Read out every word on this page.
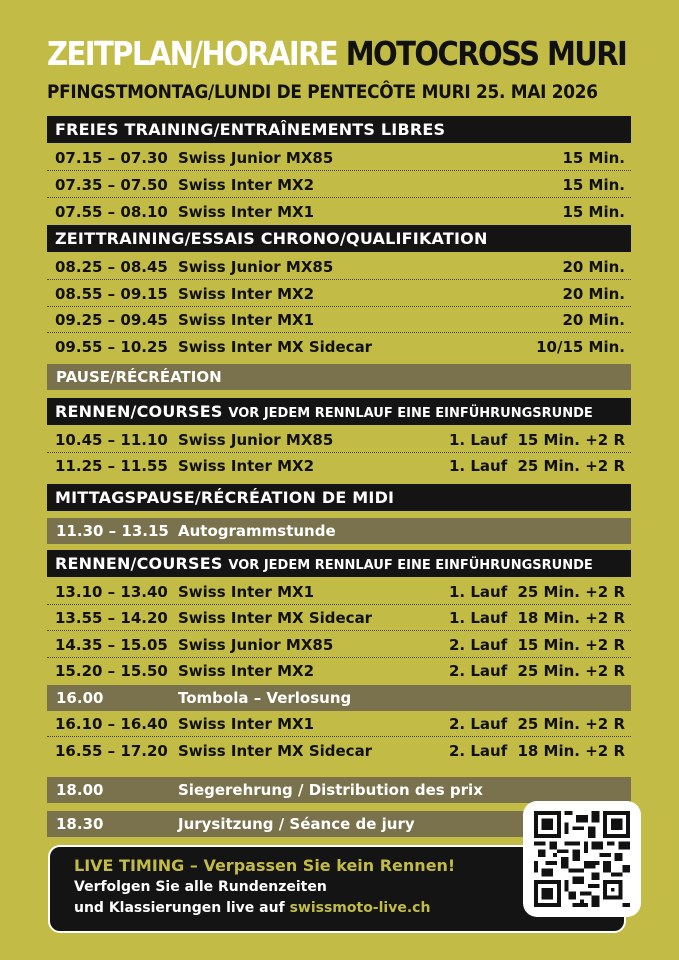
ZEITPLAN/HORAIRE MOTOCROSS MURI
PFINGSTMONTAG/LUNDI DE PENTECÔTE MURI 25. MAI 2026
FREIES TRAINING/ENTRAÎNEMENTS LIBRES
07.15 – 07.30 Swiss Junior MX85	15 Min.
07.35 – 07.50 Swiss Inter MX2	15 Min.
07.55 – 08.10 Swiss Inter MX1	15 Min.
ZEITTRAINING/ESSAIS CHRONO/QUALIFIKATION
08.25 – 08.45 Swiss Junior MX85	20 Min.
08.55 – 09.15 Swiss Inter MX2	20 Min.
09.25 – 09.45 Swiss Inter MX1	20 Min.
09.55 – 10.25 Swiss Inter MX Sidecar	10/15 Min.
PAUSE/RÉCRÉATION
RENNEN/COURSES VOR JEDEM RENNLAUF EINE EINFÜHRUNGSRUNDE
10.45 – 11.10 Swiss Junior MX85	1. Lauf 15 Min. +2 R
11.25 – 11.55 Swiss Inter MX2	1. Lauf 25 Min. +2 R
MITTAGSPAUSE/RÉCRÉATION DE MIDI
11.30 – 13.15 Autogrammstunde
RENNEN/COURSES VOR JEDEM RENNLAUF EINE EINFÜHRUNGSRUNDE
13.10 – 13.40 Swiss Inter MX1	1. Lauf 25 Min. +2 R
13.55 – 14.20 Swiss Inter MX Sidecar	1. Lauf 18 Min. +2 R
14.35 – 15.05 Swiss Junior MX85	2. Lauf 15 Min. +2 R
15.20 – 15.50 Swiss Inter MX2	2. Lauf 25 Min. +2 R
16.00	Tombola – Verlosung
16.10 – 16.40 Swiss Inter MX1	2. Lauf 25 Min. +2 R
16.55 – 17.20 Swiss Inter MX Sidecar	2. Lauf 18 Min. +2 R
18.00	Siegerehrung / Distribution des prix
18.30	Jurysitzung / Séance de jury
LIVE TIMING – Verpassen Sie kein Rennen!
Verfolgen Sie alle Rundenzeiten
und Klassierungen live auf swissmoto-live.ch
